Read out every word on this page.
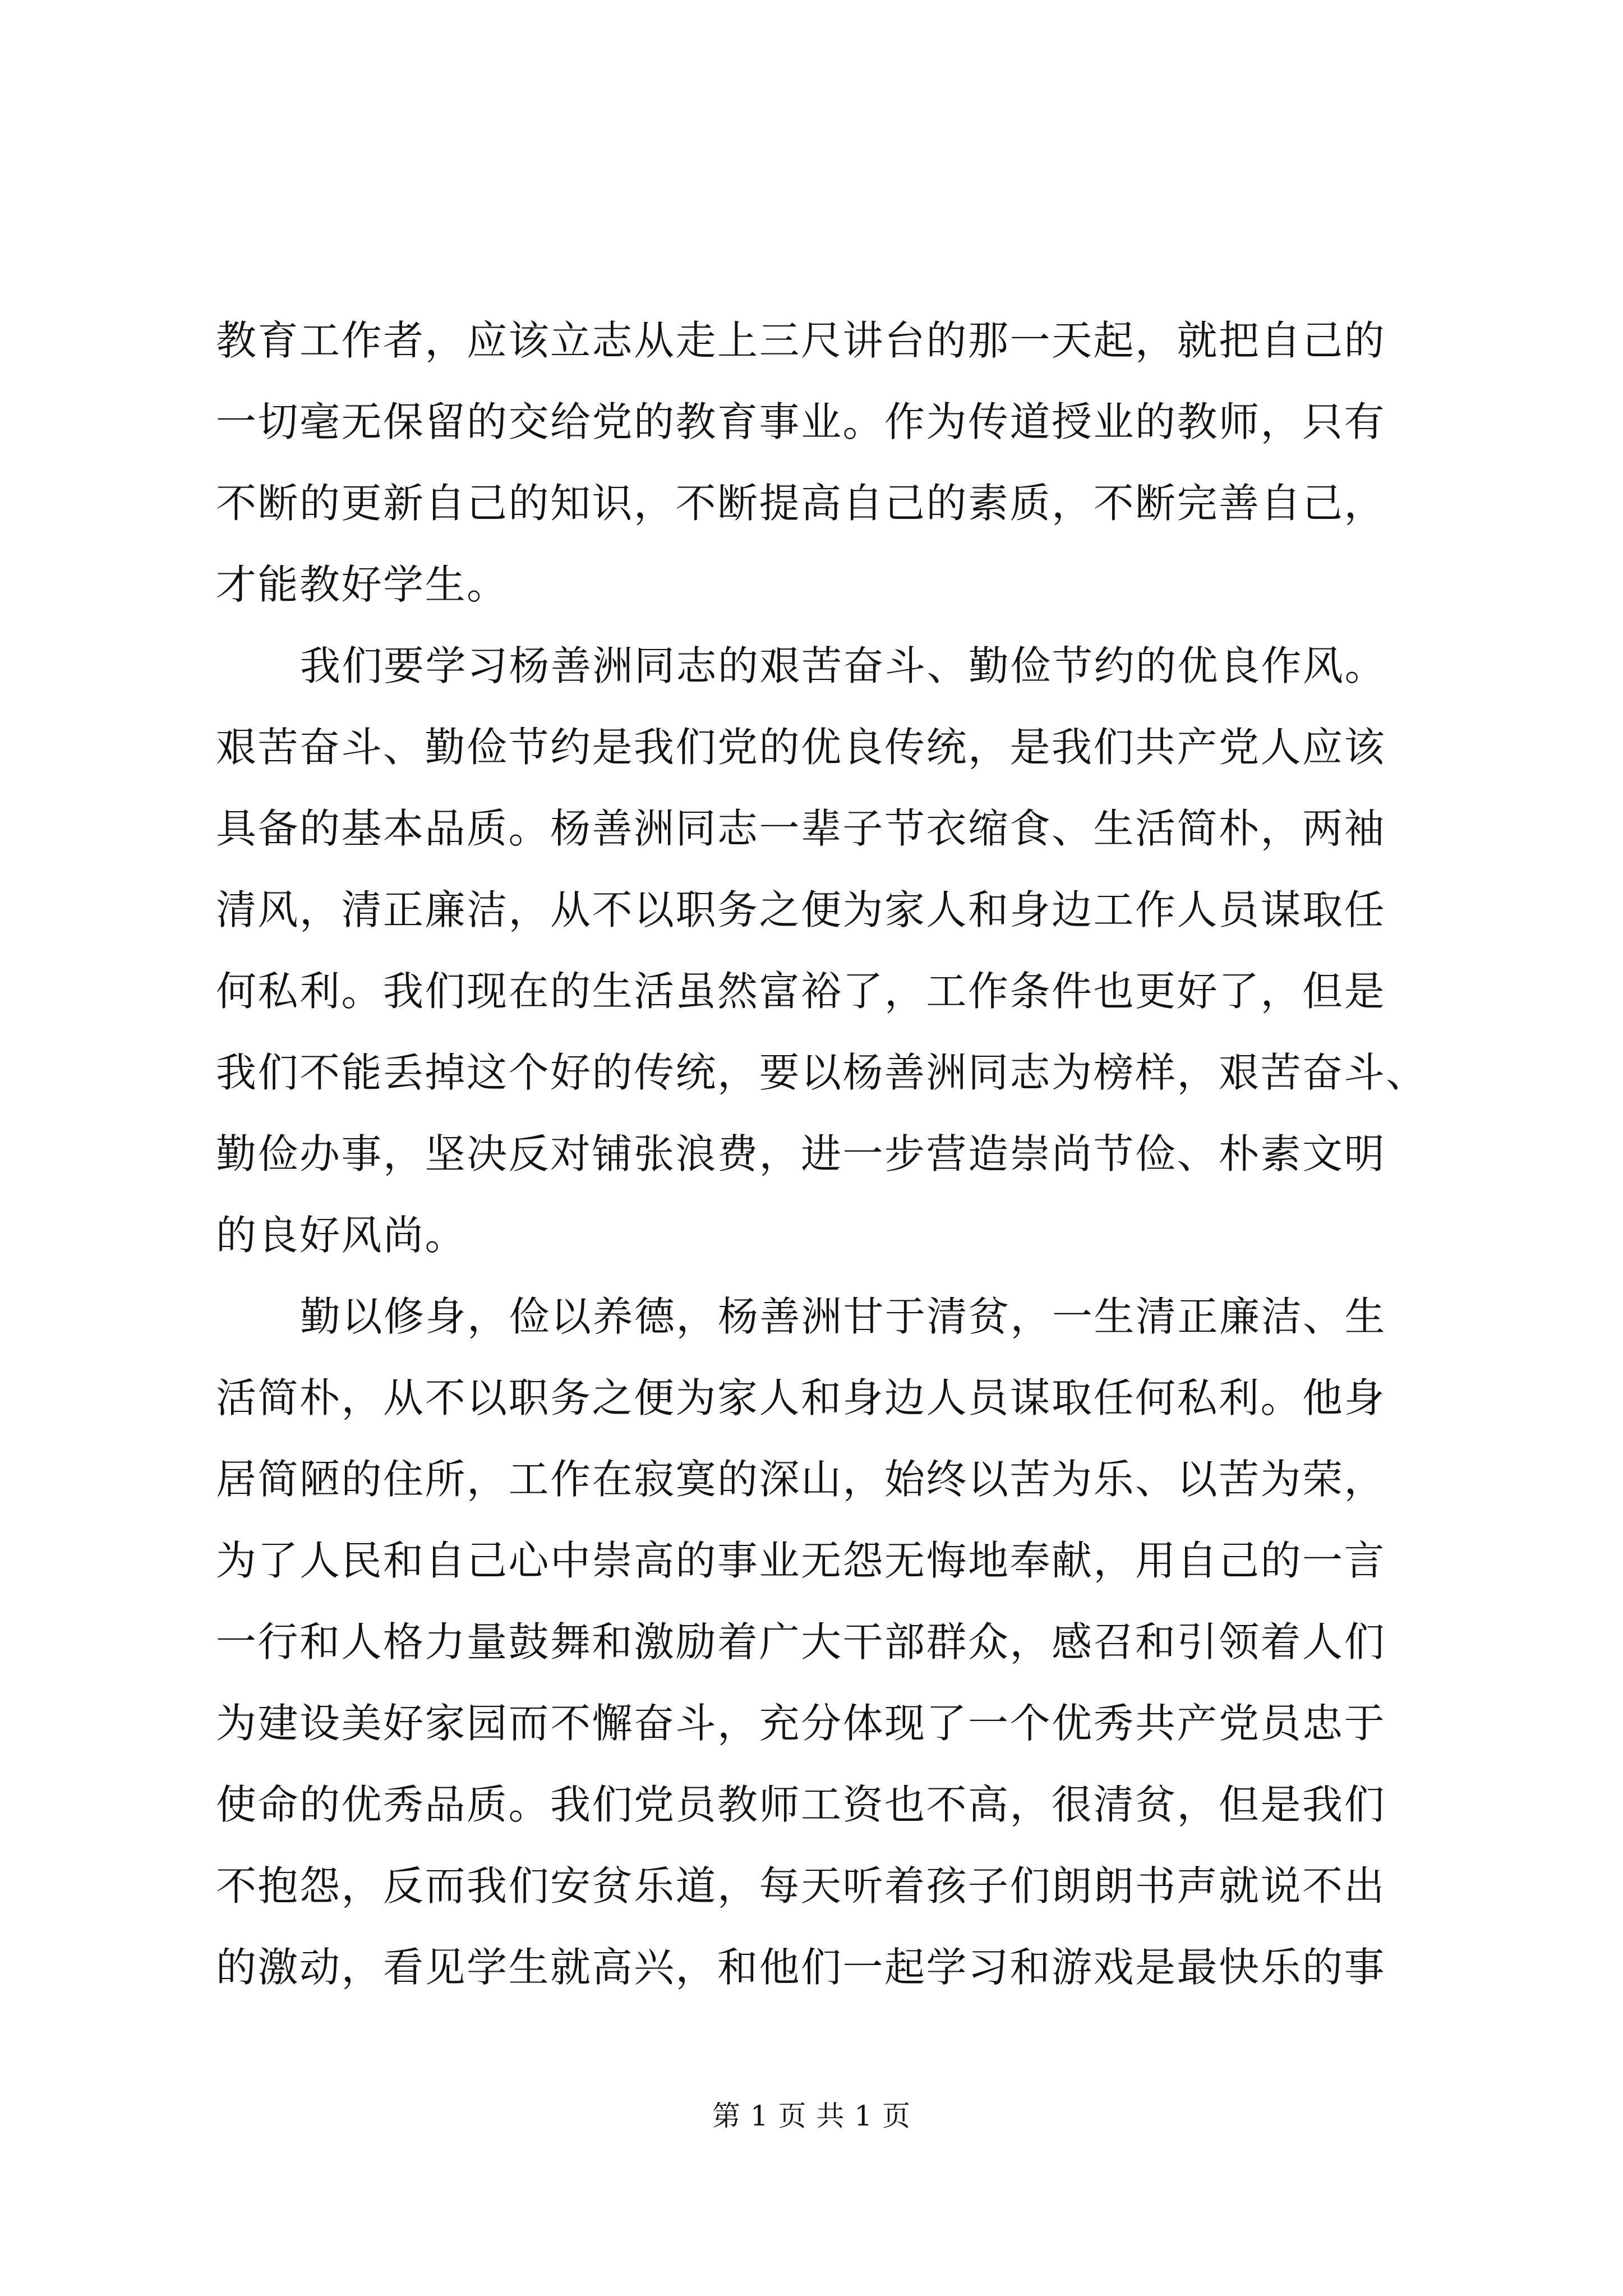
教育工作者，应该立志从走上三尺讲台的那一天起，就把自己的
一切毫无保留的交给党的教育事业。作为传道授业的教师，只有
不断的更新自己的知识，不断提高自己的素质，不断完善自己，
才能教好学生。
我们要学习杨善洲同志的艰苦奋斗、勤俭节约的优良作风。
艰苦奋斗、勤俭节约是我们党的优良传统，是我们共产党人应该
具备的基本品质。杨善洲同志一辈子节衣缩食、生活简朴，两袖
清风，清正廉洁，从不以职务之便为家人和身边工作人员谋取任
何私利。我们现在的生活虽然富裕了，工作条件也更好了，但是
我们不能丢掉这个好的传统，要以杨善洲同志为榜样，艰苦奋斗、
勤俭办事，坚决反对铺张浪费，进一步营造崇尚节俭、朴素文明
的良好风尚。
勤以修身，俭以养德，杨善洲甘于清贫，一生清正廉洁、生
活简朴，从不以职务之便为家人和身边人员谋取任何私利。他身
居简陋的住所，工作在寂寞的深山，始终以苦为乐、以苦为荣，
为了人民和自己心中崇高的事业无怨无悔地奉献，用自己的一言
一行和人格力量鼓舞和激励着广大干部群众，感召和引领着人们
为建设美好家园而不懈奋斗，充分体现了一个优秀共产党员忠于
使命的优秀品质。我们党员教师工资也不高，很清贫，但是我们
不抱怨，反而我们安贫乐道，每天听着孩子们朗朗书声就说不出
的激动，看见学生就高兴，和他们一起学习和游戏是最快乐的事
第 1 页 共 1 页
